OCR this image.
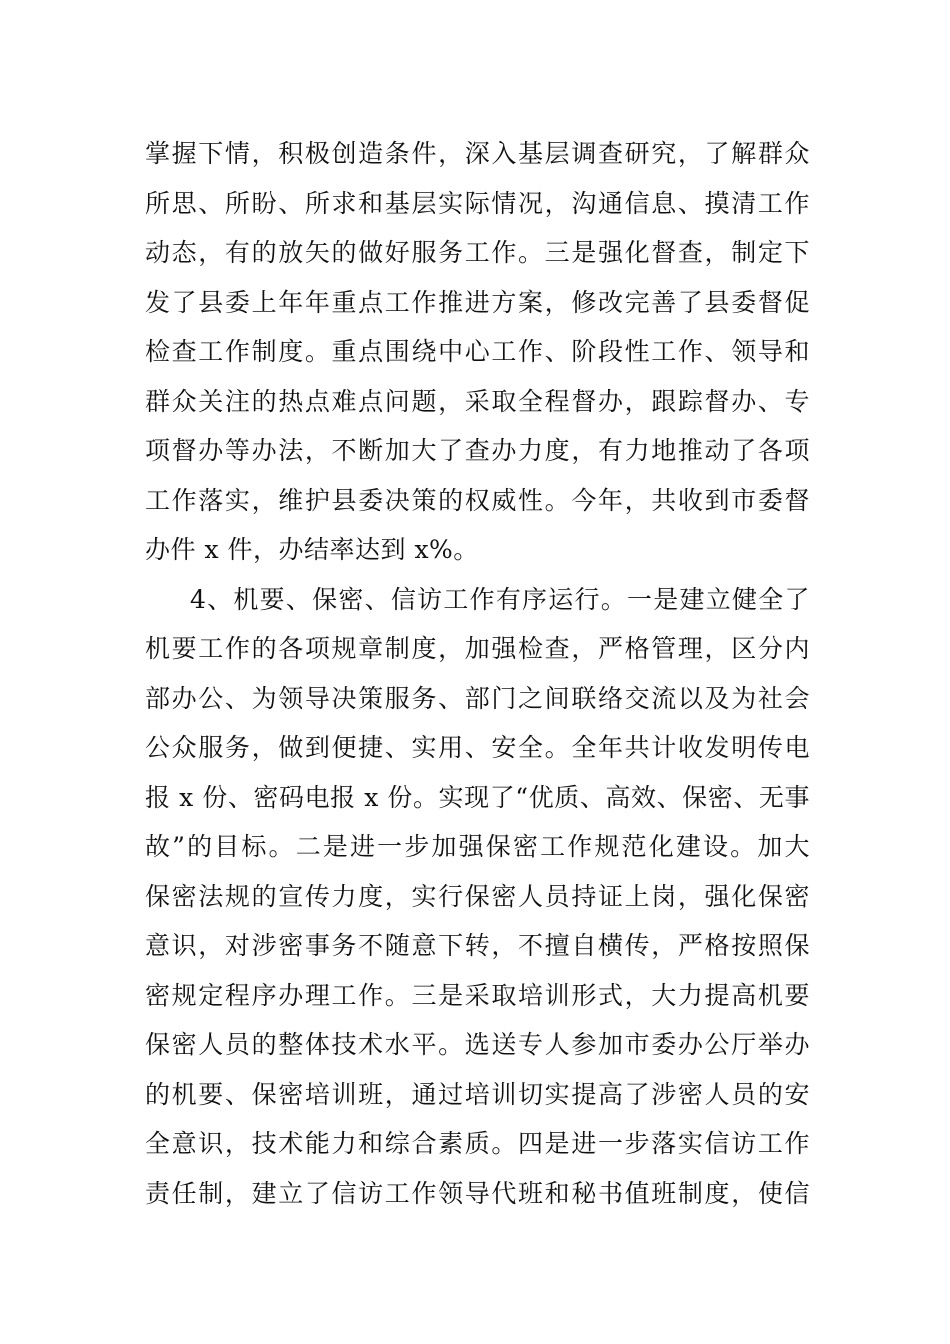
掌握下情，积极创造条件，深入基层调查研究，了解群众
所思、所盼、所求和基层实际情况，沟通信息、摸清工作
动态，有的放矢的做好服务工作。三是强化督查，制定下
发了县委上年年重点工作推进方案，修改完善了县委督促
检查工作制度。重点围绕中心工作、阶段性工作、领导和
群众关注的热点难点问题，采取全程督办，跟踪督办、专
项督办等办法，不断加大了查办力度，有力地推动了各项
工作落实，维护县委决策的权威性。今年，共收到市委督
办件 x 件，办结率达到 x%。
4、机要、保密、信访工作有序运行。一是建立健全了
机要工作的各项规章制度，加强检查，严格管理，区分内
部办公、为领导决策服务、部门之间联络交流以及为社会
公众服务，做到便捷、实用、安全。全年共计收发明传电
报 x 份、密码电报 x 份。实现了“优质、高效、保密、无事
故”的目标。二是进一步加强保密工作规范化建设。加大
保密法规的宣传力度，实行保密人员持证上岗，强化保密
意识，对涉密事务不随意下转，不擅自横传，严格按照保
密规定程序办理工作。三是采取培训形式，大力提高机要
保密人员的整体技术水平。选送专人参加市委办公厅举办
的机要、保密培训班，通过培训切实提高了涉密人员的安
全意识，技术能力和综合素质。四是进一步落实信访工作
责任制，建立了信访工作领导代班和秘书值班制度，使信
